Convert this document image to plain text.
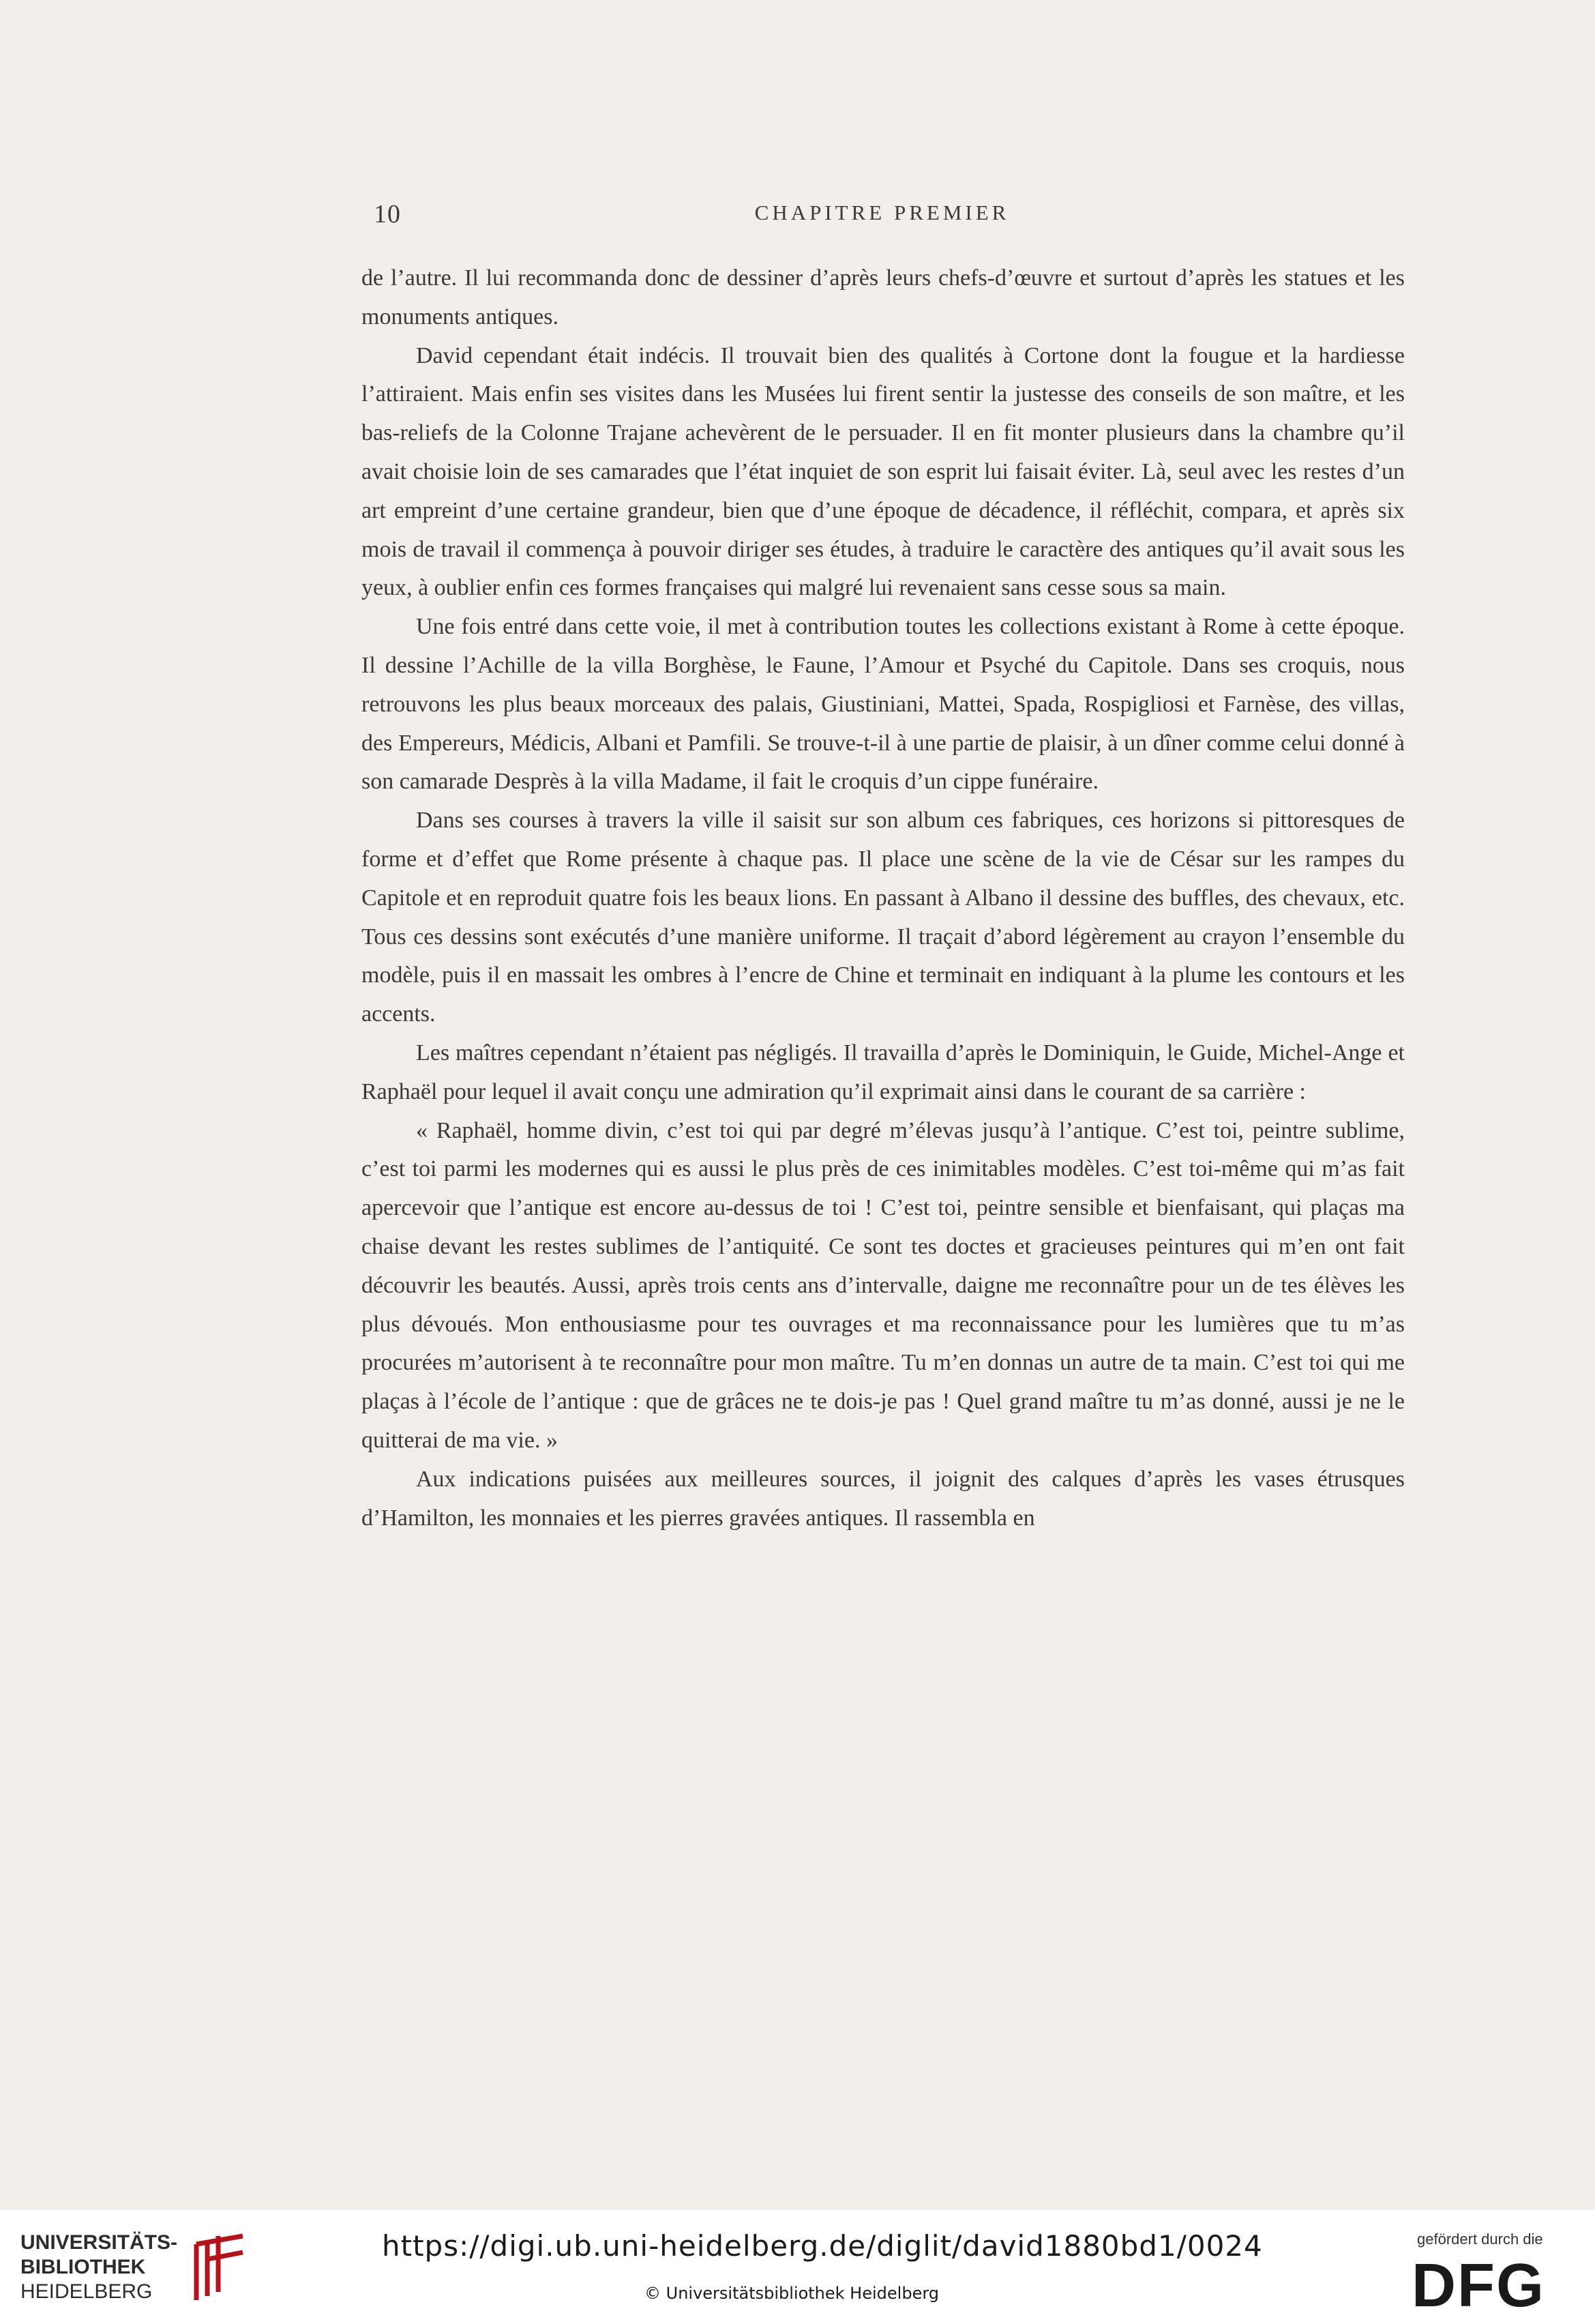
10	CHAPITRE PREMIER

de l’autre. Il lui recommanda donc de dessiner d’après leurs chefs-d’œuvre et surtout d’après les statues et les monuments antiques.

David cependant était indécis. Il trouvait bien des qualités à Cortone dont la fougue et la hardiesse l’attiraient. Mais enfin ses visites dans les Musées lui firent sentir la justesse des conseils de son maître, et les bas-reliefs de la Colonne Trajane achevèrent de le persuader. Il en fit monter plusieurs dans la chambre qu’il avait choisie loin de ses camarades que l’état inquiet de son esprit lui faisait éviter. Là, seul avec les restes d’un art empreint d’une certaine grandeur, bien que d’une époque de décadence, il réfléchit, compara, et après six mois de travail il commença à pouvoir diriger ses études, à traduire le caractère des antiques qu’il avait sous les yeux, à oublier enfin ces formes françaises qui malgré lui revenaient sans cesse sous sa main.

Une fois entré dans cette voie, il met à contribution toutes les collections existant à Rome à cette époque. Il dessine l’Achille de la villa Borghèse, le Faune, l’Amour et Psyché du Capitole. Dans ses croquis, nous retrouvons les plus beaux morceaux des palais, Giustiniani, Mattei, Spada, Rospigliosi et Farnèse, des villas, des Empereurs, Médicis, Albani et Pamfili. Se trouve-t-il à une partie de plaisir, à un dîner comme celui donné à son camarade Desprès à la villa Madame, il fait le croquis d’un cippe funéraire.

Dans ses courses à travers la ville il saisit sur son album ces fabriques, ces horizons si pittoresques de forme et d’effet que Rome présente à chaque pas. Il place une scène de la vie de César sur les rampes du Capitole et en reproduit quatre fois les beaux lions. En passant à Albano il dessine des buffles, des chevaux, etc. Tous ces dessins sont exécutés d’une manière uniforme. Il traçait d’abord légèrement au crayon l’ensemble du modèle, puis il en massait les ombres à l’encre de Chine et terminait en indiquant à la plume les contours et les accents.

Les maîtres cependant n’étaient pas négligés. Il travailla d’après le Dominiquin, le Guide, Michel-Ange et Raphaël pour lequel il avait conçu une admiration qu’il exprimait ainsi dans le courant de sa carrière :

« Raphaël, homme divin, c’est toi qui par degré m’élevas jusqu’à l’antique. C’est toi, peintre sublime, c’est toi parmi les modernes qui es aussi le plus près de ces inimitables modèles. C’est toi-même qui m’as fait apercevoir que l’antique est encore au-dessus de toi ! C’est toi, peintre sensible et bienfaisant, qui plaças ma chaise devant les restes sublimes de l’antiquité. Ce sont tes doctes et gracieuses peintures qui m’en ont fait découvrir les beautés. Aussi, après trois cents ans d’intervalle, daigne me reconnaître pour un de tes élèves les plus dévoués. Mon enthousiasme pour tes ouvrages et ma reconnaissance pour les lumières que tu m’as procurées m’autorisent à te reconnaître pour mon maître. Tu m’en donnas un autre de ta main. C’est toi qui me plaças à l’école de l’antique : que de grâces ne te dois-je pas ! Quel grand maître tu m’as donné, aussi je ne le quitterai de ma vie. »

Aux indications puisées aux meilleures sources, il joignit des calques d’après les vases étrusques d’Hamilton, les monnaies et les pierres gravées antiques. Il rassembla en

UNIVERSITÄTS-
BIBLIOTHEK
HEIDELBERG
https://digi.ub.uni-heidelberg.de/diglit/david1880bd1/0024
© Universitätsbibliothek Heidelberg
gefördert durch die
DFG
